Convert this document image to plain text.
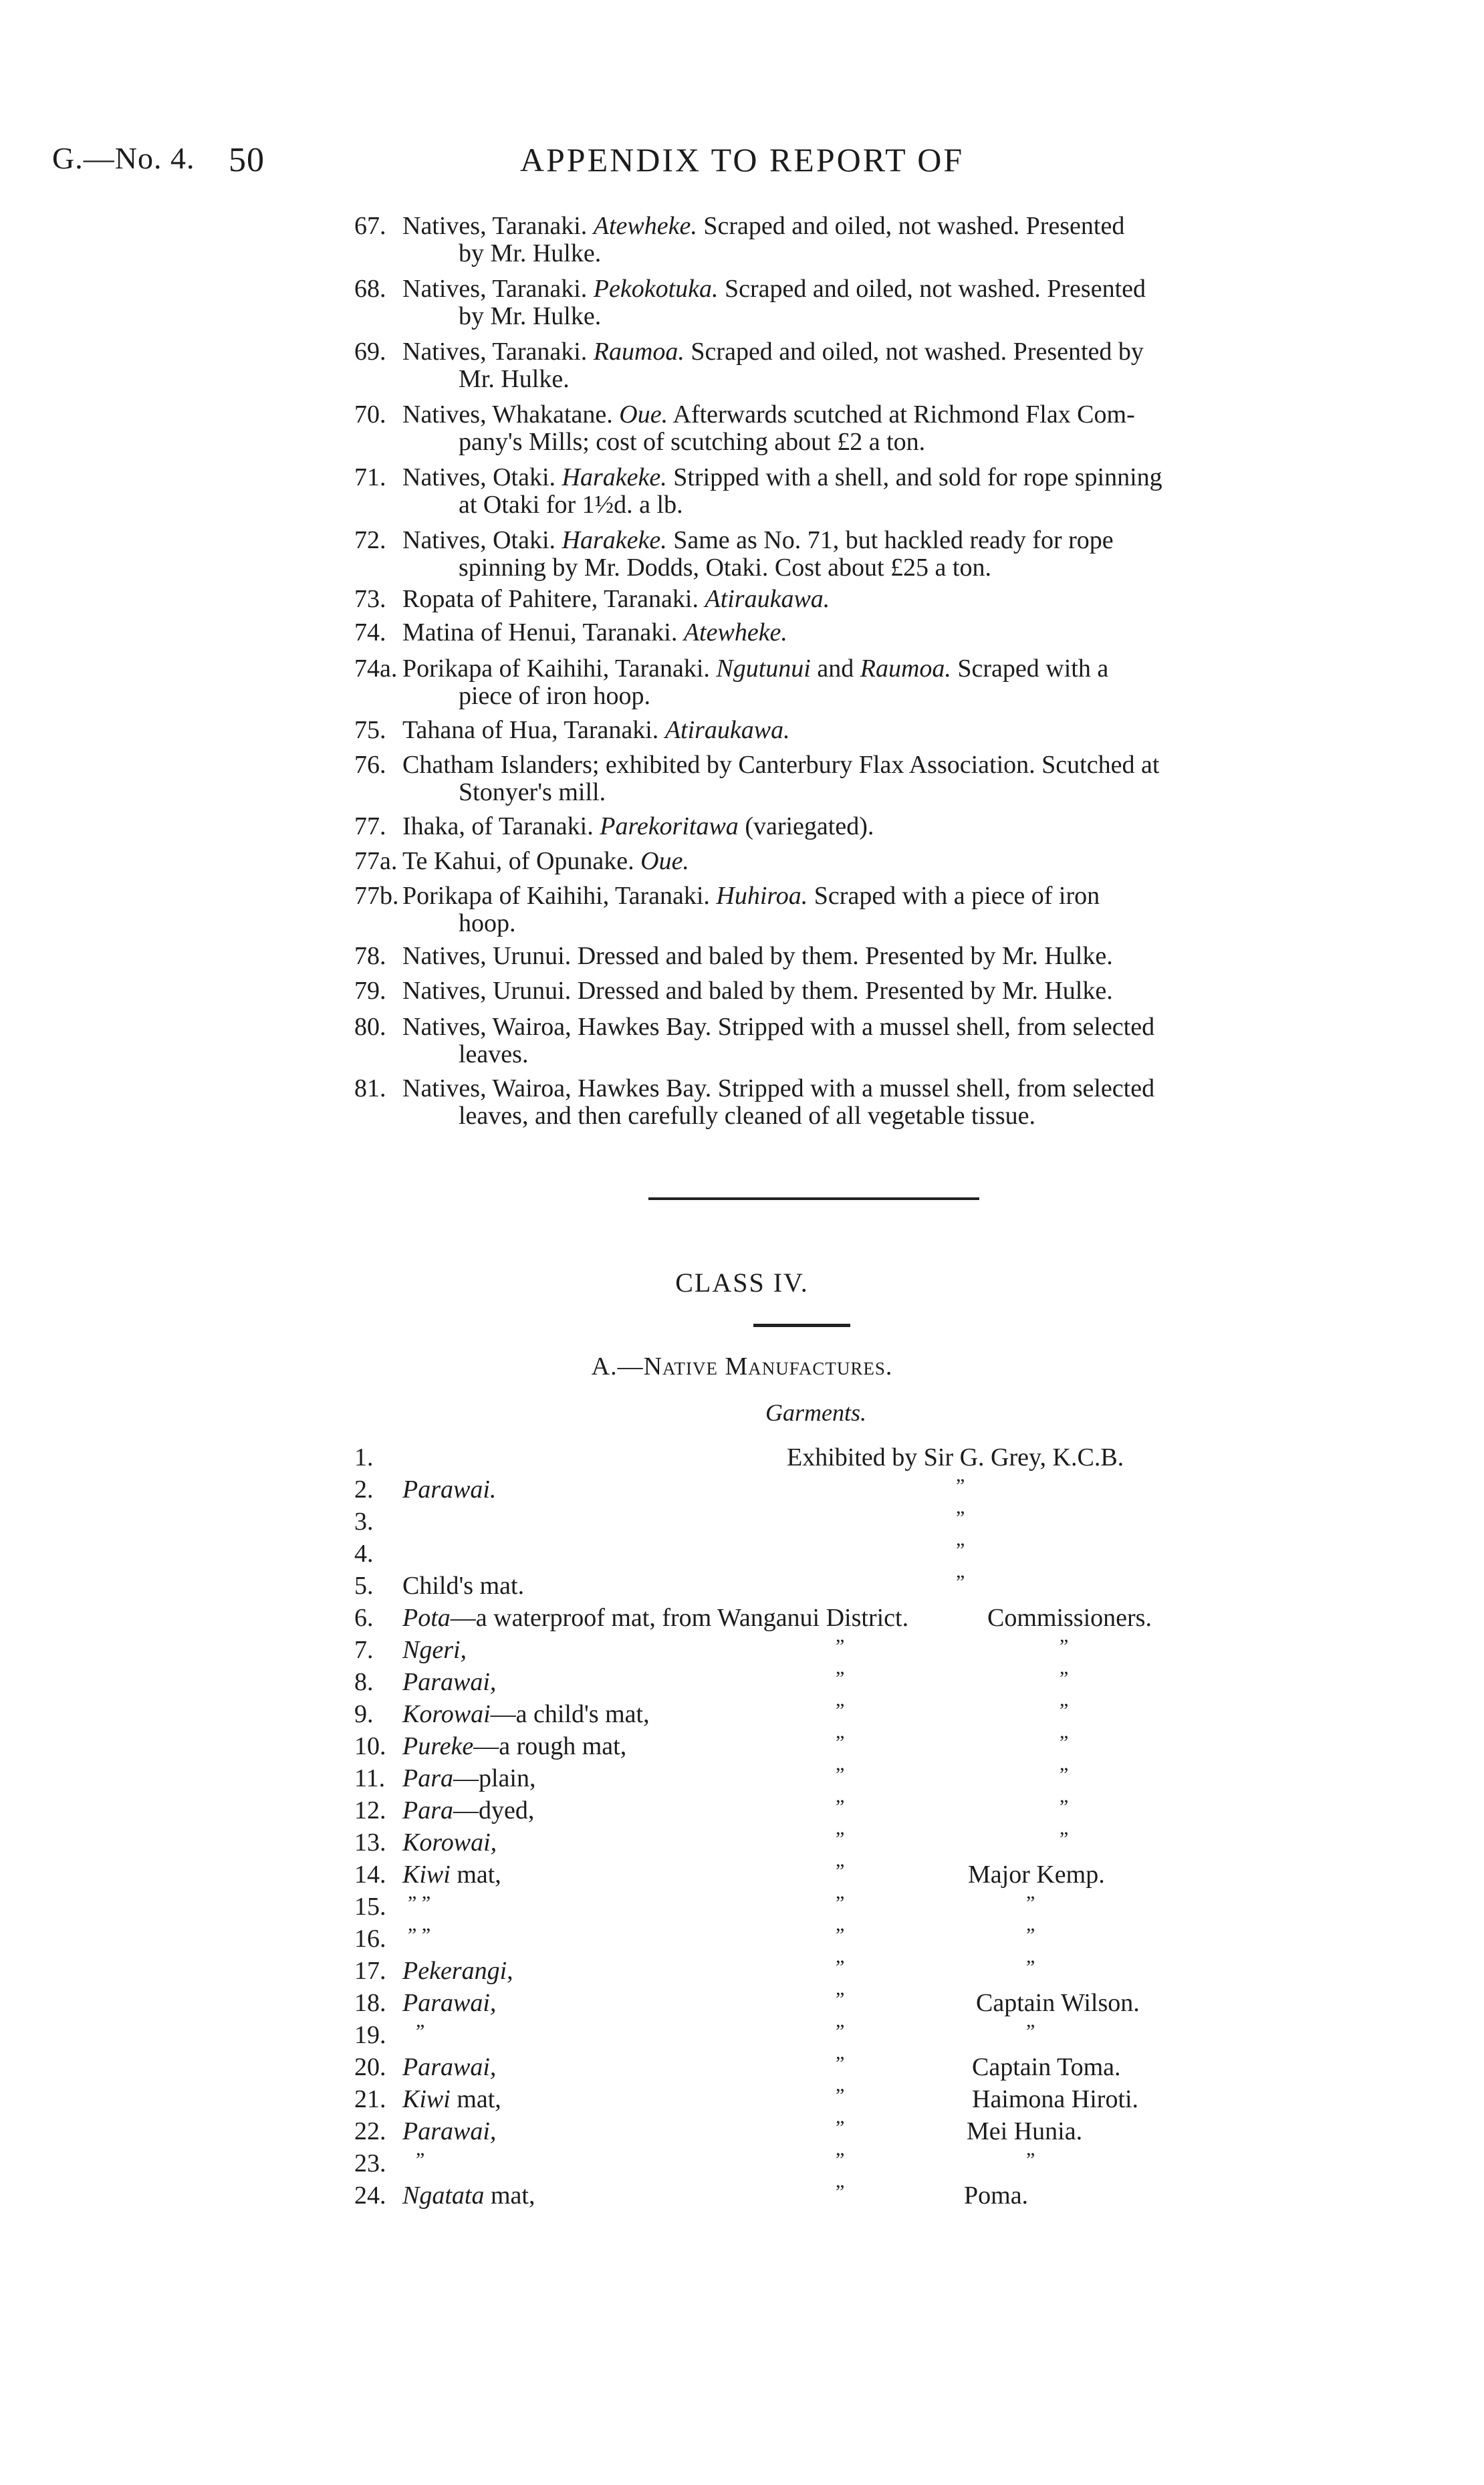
G.—No. 4. 50	APPENDIX TO REPORT OF
67. Natives, Taranaki. Atewheke. Scraped and oiled, not washed. Presented
by Mr. Hulke.
68. Natives, Taranaki. Pekokotuka. Scraped and oiled, not washed. Presented
by Mr. Hulke.
69. Natives, Taranaki. Raumoa. Scraped and oiled, not washed. Presented by
Mr. Hulke.
70. Natives, Whakatane. Oue. Afterwards scutched at Richmond Flax Com-
pany's Mills; cost of scutching about £2 a ton.
71. Natives, Otaki. Harakeke. Stripped with a shell, and sold for rope spinning
at Otaki for 1½d. a lb.
72. Natives, Otaki. Harakeke. Same as No. 71, but hackled ready for rope
spinning by Mr. Dodds, Otaki. Cost about £25 a ton.
73. Ropata of Pahitere, Taranaki. Atiraukawa.
74. Matina of Henui, Taranaki. Atewheke.
74a. Porikapa of Kaihihi, Taranaki. Ngutunui and Raumoa. Scraped with a
piece of iron hoop.
75. Tahana of Hua, Taranaki. Atiraukawa.
76. Chatham Islanders; exhibited by Canterbury Flax Association. Scutched at
Stonyer's mill.
77. Ihaka, of Taranaki. Parekoritawa (variegated).
77a. Te Kahui, of Opunake. Oue.
77b. Porikapa of Kaihihi, Taranaki. Huhiroa. Scraped with a piece of iron
hoop.
78. Natives, Urunui. Dressed and baled by them. Presented by Mr. Hulke.
79. Natives, Urunui. Dressed and baled by them. Presented by Mr. Hulke.
80. Natives, Wairoa, Hawkes Bay. Stripped with a mussel shell, from selected
leaves.
81. Natives, Wairoa, Hawkes Bay. Stripped with a mussel shell, from selected
leaves, and then carefully cleaned of all vegetable tissue.
CLASS IV.
A.—Native Manufactures.
Garments.
1.	Exhibited by Sir G. Grey, K.C.B.
2. Parawai.	”
3.	”
4.	”
5. Child's mat.	”
6. Pota—a waterproof mat, from Wanganui District.	Commissioners.
7. Ngeri,	”	”
8. Parawai,	”	”
9. Korowai—a child's mat,	”	”
10. Pureke—a rough mat,	”	”
11. Para—plain,	”	”
12. Para—dyed,	”	”
13. Korowai,	”	”
14. Kiwi mat,	”	Major Kemp.
15. ” ”	”	”
16. ” ”	”	”
17. Pekerangi,	”	”
18. Parawai,	”	Captain Wilson.
19. ”	”	”
20. Parawai,	”	Captain Toma.
21. Kiwi mat,	”	Haimona Hiroti.
22. Parawai,	”	Mei Hunia.
23. ”	”	”
24. Ngatata mat,	”	Poma.
